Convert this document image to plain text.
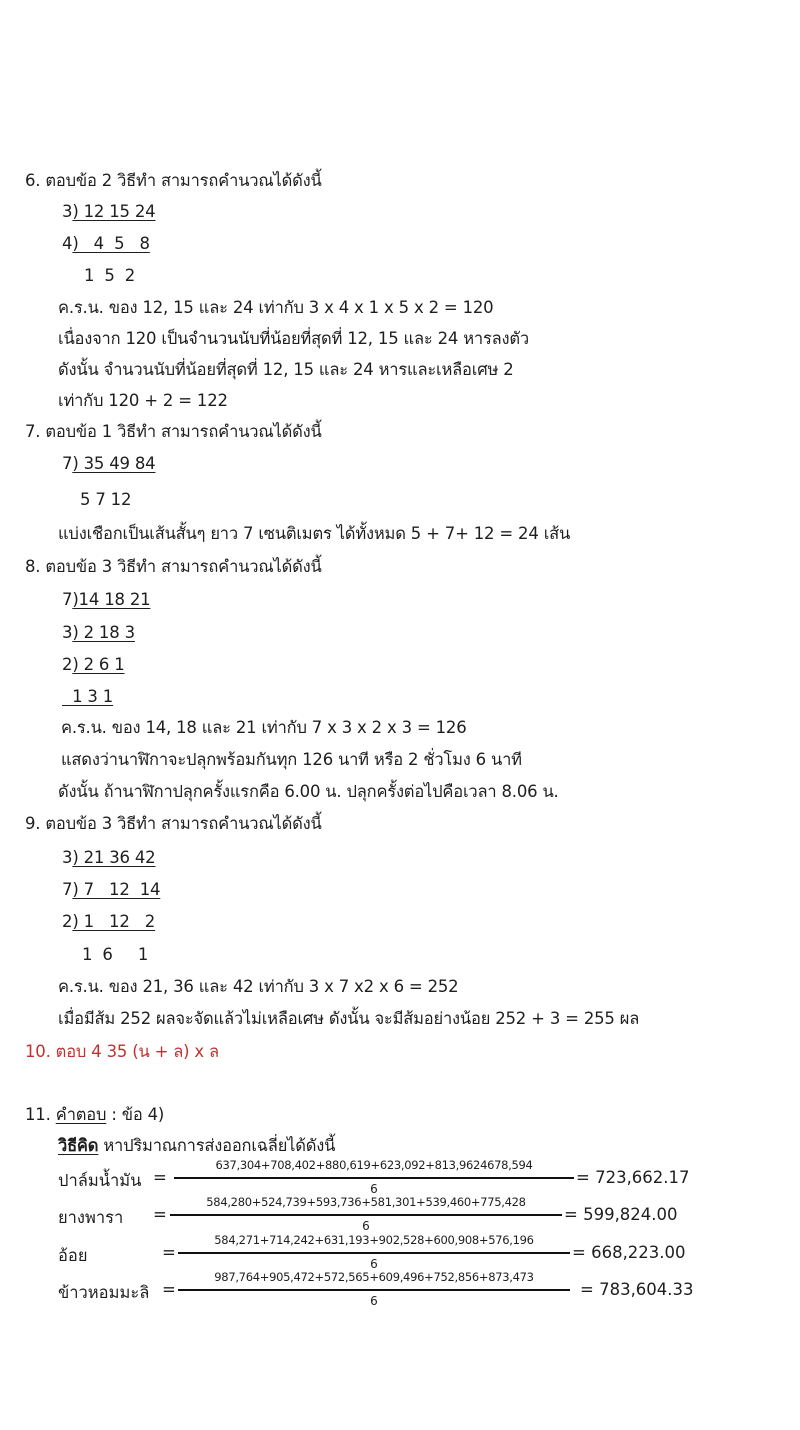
6. ตอบข้อ 2 วิธีทำ สามารถคำนวณได้ดังนี้
3) 12 15 24
4)   4  5   8
1  5  2
ค.ร.น. ของ 12, 15 และ 24 เท่ากับ 3 x 4 x 1 x 5 x 2 = 120
เนื่องจาก 120 เป็นจำนวนนับที่น้อยที่สุดที่ 12, 15 และ 24 หารลงตัว
ดังนั้น จำนวนนับที่น้อยที่สุดที่ 12, 15 และ 24 หารและเหลือเศษ 2
เท่ากับ 120 + 2 = 122
7. ตอบข้อ 1 วิธีทำ สามารถคำนวณได้ดังนี้
7) 35 49 84
5 7 12
แบ่งเชือกเป็นเส้นสั้นๆ ยาว 7 เซนติเมตร ได้ทั้งหมด 5 + 7+ 12 = 24 เส้น
8. ตอบข้อ 3 วิธีทำ สามารถคำนวณได้ดังนี้
7)14 18 21
3) 2 18 3
2) 2 6 1
1 3 1
ค.ร.น. ของ 14, 18 และ 21 เท่ากับ 7 x 3 x 2 x 3 = 126
แสดงว่านาฬิกาจะปลุกพร้อมกันทุก 126 นาที หรือ 2 ชั่วโมง 6 นาที
ดังนั้น ถ้านาฬิกาปลุกครั้งแรกคือ 6.00 น. ปลุกครั้งต่อไปคือเวลา 8.06 น.
9. ตอบข้อ 3 วิธีทำ สามารถคำนวณได้ดังนี้
3) 21 36 42
7) 7   12  14
2) 1   12   2
1  6     1
ค.ร.น. ของ 21, 36 และ 42 เท่ากับ 3 x 7 x2 x 6 = 252
เมื่อมีส้ม 252 ผลจะจัดแล้วไม่เหลือเศษ ดังนั้น จะมีส้มอย่างน้อย 252 + 3 = 255 ผล
10. ตอบ 4 35 (น + ล) x ล
11. คำตอบ : ข้อ 4)
วิธีคิด หาปริมาณการส่งออกเฉลี่ยได้ดังนี้
ปาล์มน้ำมัน =
637,304+708,402+880,619+623,092+813,9624678,594
6
= 723,662.17
ยางพารา =
584,280+524,739+593,736+581,301+539,460+775,428
6
= 599,824.00
อ้อย	=
584,271+714,242+631,193+902,528+600,908+576,196
6
= 668,223.00
ข้าวหอมมะลิ =
987,764+905,472+572,565+609,496+752,856+873,473
6
= 783,604.33
